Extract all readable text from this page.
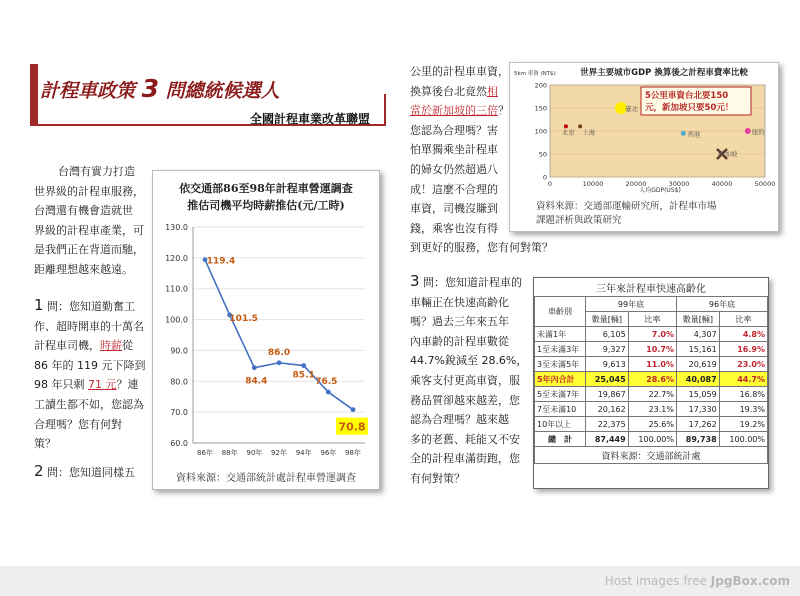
計程車政策 3 問總統候選人
全國計程車業改革聯盟
台灣有實力打造
世界級的計程車服務，
台灣還有機會造就世
界級的計程車產業，可
是我們正在背道而馳，
距離理想越來越遠。
1 問：您知道勤奮工
作、超時開車的十萬名
計程車司機，時薪從
86 年的 119 元下降到
98 年只剩 71 元？連
工讀生都不如，您認為
合理嗎？您有何對
策？
2 問：您知道同樣五
依交通部86至98年計程車營運調查
推估司機平均時薪推估(元/工時)
130.0
120.0
110.0
100.0
90.0
80.0
70.0
60.0
86年 88年 90年 92年 94年 96年 98年
119.4
101.5
84.4
86.0
85.1
76.5
70.8
資料來源：交通部統計處計程車營運調查
公里的計程車車資，
換算後台北竟然相
當於新加坡的三倍？
您認為合理嗎？害
怕單獨乘坐計程車
的婦女仍然超過八
成！這麼不合理的
車資，司機沒賺到
錢，乘客也沒有得
到更好的服務，您有何對策？
世界主要城市GDP 換算後之計程車費率比較
5km 車資 (NT$)
200
150
100
50
0
0	10000	20000	30000	40000	50000
北京 上海
臺北
香港	紐約
新加坡
5公里車資台北要150
元，新加坡只要50元！
人均GDP(US$)
資料來源：交通部運輸研究所，計程車市場
課題評析與政策研究
3 問：您知道計程車的
車輛正在快速高齡化
嗎？過去三年來五年
內車齡的計程車數從
44.7%銳減至 28.6%，
乘客支付更高車資，服
務品質卻越來越差，您
認為合理嗎？越來越
多的老舊、耗能又不安
全的計程車滿街跑，您
有何對策？
三年來計程車快速高齡化				
車齡別	99年底		96年底	
	數量[輛]	比率	數量[輛]	比率
未滿1年	6,105	7.0%	4,307	4.8%
1至未滿3年	9,327	10.7%	15,161	16.9%
3至未滿5年	9,613	11.0%	20,619	23.0%
5年內合計	25,045	28.6%	40,087	44.7%
5至未滿7年	19,867	22.7%	15,059	16.8%
7至未滿10	20,162	23.1%	17,330	19.3%
10年以上	22,375	25.6%	17,262	19.2%
總　計	87,449	100.00%	89,738	100.00%
資料來源：交通部統計處				
Host images free JpgBox.com
